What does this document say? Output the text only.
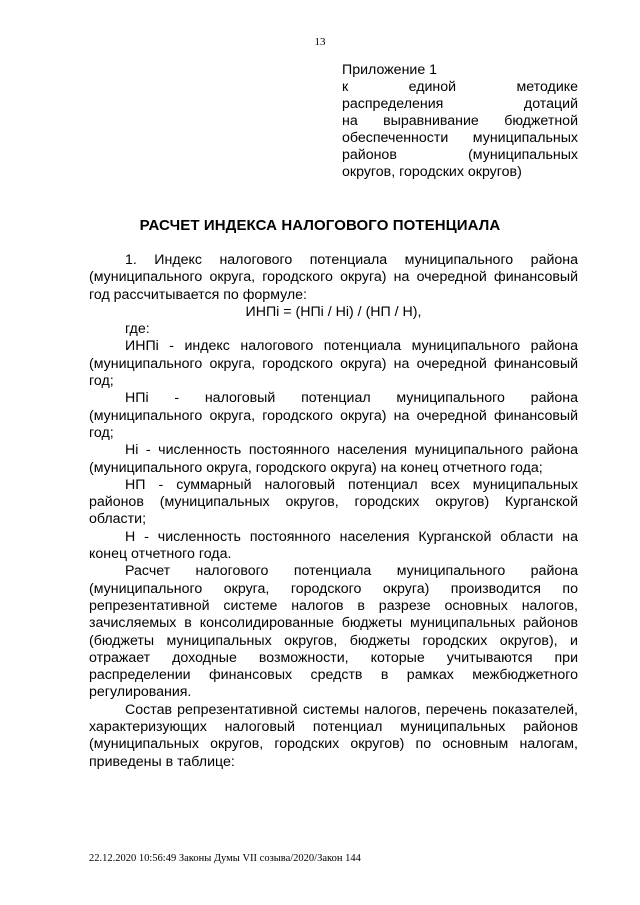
13
Приложение 1
к единой методике
распределения дотаций
на выравнивание бюджетной
обеспеченности муниципальных
районов (муниципальных
округов, городских округов)
РАСЧЕТ ИНДЕКСА НАЛОГОВОГО ПОТЕНЦИАЛА

1. Индекс налогового потенциала муниципального района (муниципального округа, городского округа) на очередной финансовый год рассчитывается по формуле:

ИНПi = (НПi / Нi) / (НП / Н),

где:

ИНПi - индекс налогового потенциала муниципального района (муниципального округа, городского округа) на очередной финансовый год;

НПi - налоговый потенциал муниципального района (муниципального округа, городского округа) на очередной финансовый год;

Нi - численность постоянного населения муниципального района (муниципального округа, городского округа) на конец отчетного года;

НП - суммарный налоговый потенциал всех муниципальных районов (муниципальных округов, городских округов) Курганской области;

Н - численность постоянного населения Курганской области на конец отчетного года.

Расчет налогового потенциала муниципального района (муниципального округа, городского округа) производится по репрезентативной системе налогов в разрезе основных налогов, зачисляемых в консолидированные бюджеты муниципальных районов (бюджеты муниципальных округов, бюджеты городских округов), и отражает доходные возможности, которые учитываются при распределении финансовых средств в рамках межбюджетного регулирования.

Состав репрезентативной системы налогов, перечень показателей, характеризующих налоговый потенциал муниципальных районов (муниципальных округов, городских округов) по основным налогам, приведены в таблице:

22.12.2020 10:56:49 Законы Думы VII созыва/2020/Закон 144
